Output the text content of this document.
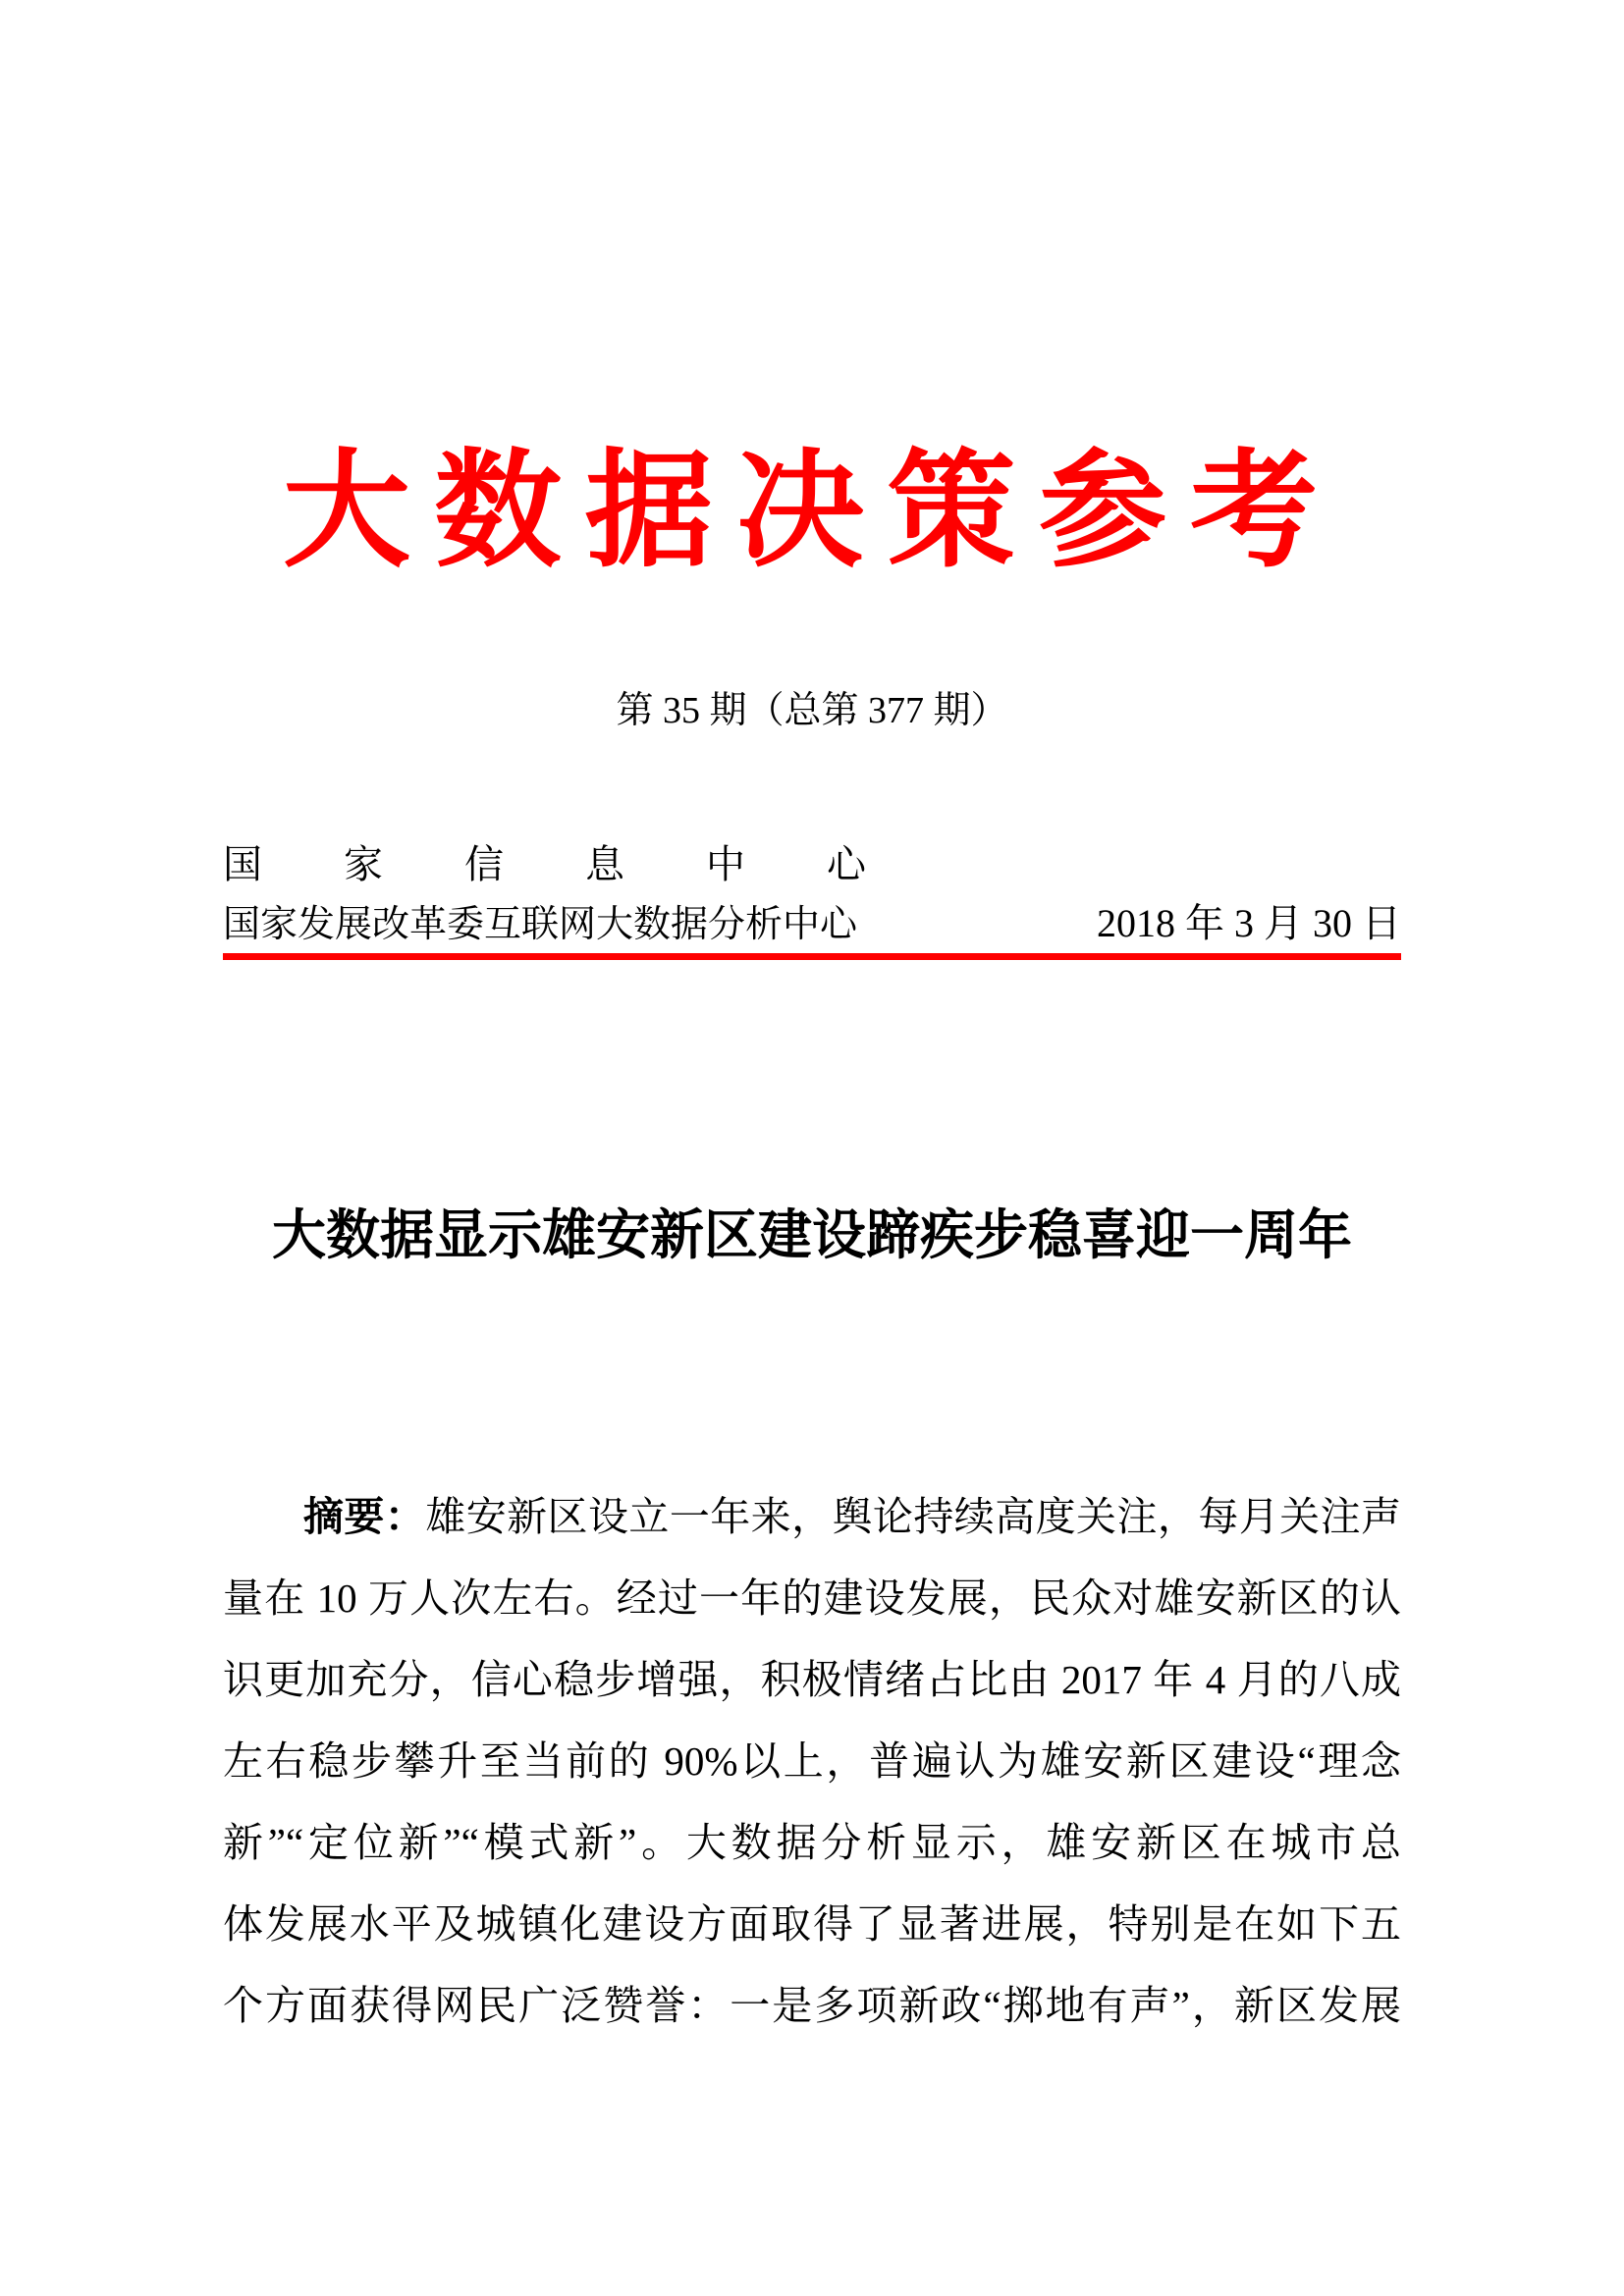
大数据决策参考
第 35 期（总第 377 期）
国家信息中心
国家发展改革委互联网大数据分析中心	2018 年 3 月 30 日
大数据显示雄安新区建设蹄疾步稳喜迎一周年
摘要：雄安新区设立一年来，舆论持续高度关注，每月关注声
量在 10 万人次左右。经过一年的建设发展，民众对雄安新区的认
识更加充分，信心稳步增强，积极情绪占比由 2017 年 4 月的八成
左右稳步攀升至当前的 90%以上，普遍认为雄安新区建设“理念
新”“定位新”“模式新”。大数据分析显示，雄安新区在城市总
体发展水平及城镇化建设方面取得了显著进展，特别是在如下五
个方面获得网民广泛赞誉：一是多项新政“掷地有声”，新区发展
